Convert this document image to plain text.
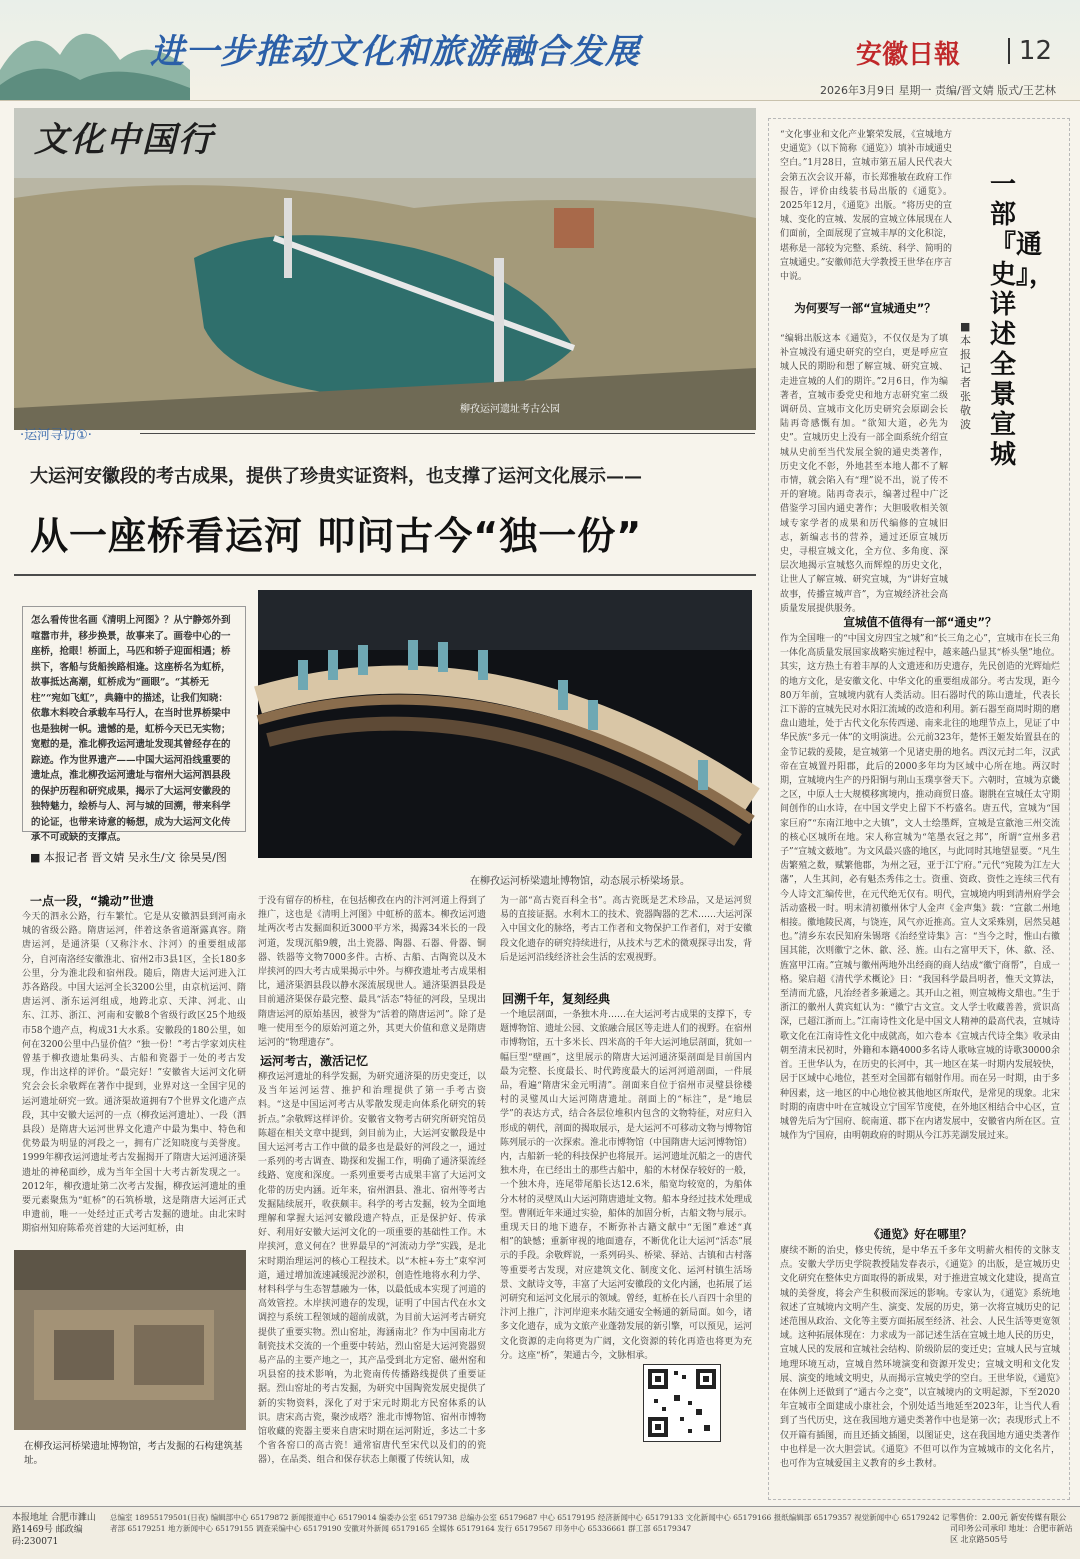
进一步推动文化和旅游融合发展	安徽日報 12
2026年3月9日 星期一 责编/晋文婧 版式/王艺林
文化中国行
柳孜运河遗址考古公园
·运河寻访①·
大运河安徽段的考古成果，提供了珍贵实证资料，也支撑了运河文化展示——
从一座桥看运河 叩问古今“独一份”
怎么看传世名画《清明上河图》？从宁静郊外到喧嚣市井，移步换景，故事来了。画卷中心的一座桥，抢眼！桥面上，马匹和轿子迎面相遇；桥拱下，客船与货船挨路相逢。这座桥名为虹桥，故事抵达高潮，虹桥成为“画眼”。“其桥无柱”“宛如飞虹”，典籍中的描述，让我们知晓：依靠木料咬合承载车马行人，在当时世界桥梁中也是独树一帜。遗憾的是，虹桥今天已无实物；宽慰的是，淮北柳孜运河遗址发现其曾经存在的踪迹。作为世界遗产——中国大运河沿线重要的遗址点，淮北柳孜运河遗址与宿州大运河泗县段的保护历程和研究成果，揭示了大运河安徽段的独特魅力，绘桥与人、河与城的回溯，带来科学的论证，也带来诗意的畅想，成为大运河文化传承不可或缺的支撑点。
在柳孜运河桥梁遗址博物馆，动态展示桥梁场景。
■ 本报记者 晋文婧 吴永生/文 徐昊昊/图
一点一段，“撬动”世遗
今天的泗永公路，行车繁忙。它是从安徽泗县到河南永城的省级公路。隋唐运河，伴着这条省道渐露真容。隋唐运河，是通济渠（又称汴水、汴河）的重要组成部分，自河南洛经安徽淮北、宿州2市3县1区，全长180多公里，分为淮北段和宿州段。随后，隋唐大运河进入江苏各路段。中国大运河全长3200公里，由京杭运河、隋唐运河、浙东运河组成，地跨北京、天津、河北、山东、江苏、浙江、河南和安徽8个省级行政区25个地级市58个遗产点，构成31大水系。安徽段的180公里，如何在3200公里中凸显价值？“独一份！”考古学家刘庆柱曾基于柳孜遗址集码头、古船和瓷器于一处的考古发现，作出这样的评价。“最完好！”安徽省大运河文化研究会会长余敬辉在著作中提到，业界对这一全国宇见的运河遗址研究一致。通济渠故道拥有7个世界文化遗产点段，其中安徽大运河的一点（柳孜运河遗址）、一段（泗县段）是隋唐大运河世界文化遗产中最为集中、特色和优势最为明显的河段之一，拥有广泛知晓度与美誉度。1999年柳孜运河遗址考古发掘揭开了隋唐大运河通济渠遗址的神秘面纱，成为当年全国十大考古新发现之一。2012年，柳孜遗址第二次考古发掘，柳孜运河遗址的重要元素聚焦为“虹桥”的石筑桥墩，这是隋唐大运河正式申遗前，唯一一处经过正式考古发掘的遗址。由北宋时期宿州知府陈希亮首建的大运河虹桥，由
在柳孜运河桥梁遗址博物馆，考古发掘的石构建筑基址。
于没有留存的桥柱，在包括柳孜在内的汴河河道上得到了推广，这也是《清明上河图》中虹桥的蓝本。柳孜运河遗址两次考古发掘面积近3000平方米，揭露34米长的一段河道，发现沉船9艘，出土瓷器、陶器、石器、骨器、铜器、铁器等文物7000多件。古桥、古船、古陶瓷以及木岸挟河的四大考古成果揭示中外。与柳孜遗址考古成果相比，通济渠泗县段以静水深流展现世人。通济渠泗县段是目前通济渠保存最完整、最具“活态”特征的河段，呈现出隋唐运河的原始基因，被誉为“活着的隋唐运河”。除了是唯一使用至今的原始河道之外，其更大价值和意义是隋唐运河的“物理遗存”。
运河考古，激活记忆
柳孜运河遗址的科学发掘，为研究通济渠的历史变迁，以及当年运河运营、推护和治理提供了第一手考古资料。“这是中国运河考古从零散发现走向体系化研究的转折点。”余敬辉这样评价。安徽省文物考古研究所研究馆员陈超在相关文章中提到，剑目前为止，大运河安徽段是中国大运河考古工作中做的最多也是最好的河段之一，通过一系列的考古调查、勘探和发掘工作，明确了通济渠流经线路、宽度和深度。一系列重要考古成果丰富了大运河文化带的历史内涵。近年来，宿州泗县、淮北、宿州等考古发掘陆续展开，收获颇丰。科学的考古发掘，较为全面地理解和掌握大运河安徽段遗产特点，正是保护好、传承好、利用好安徽大运河文化的一项重要的基础性工作。木岸挟河，意义何在？世界最早的“河流动力学”实践，是北宋时期治理运河的核心工程技术。以“木桩+夯土”束窄河道，通过增加流速减缓泥沙淤积，创造性地将水利力学、材料科学与生态智慧融为一体，以最低成本实现了河道的高效管控。木岸挟河遗存的发现，证明了中国古代在水文调控与系统工程领域的超前成就，为目前大运河考古研究提供了重要实物。烈山窑址，海涵南北？作为中国南北方制瓷技术交流的一个重要中转站，烈山窑是大运河瓷器贸易产品的主要产地之一，其产品受到北方定窑、磁州窑和巩县窑的技术影响，为北瓷南传传播路线提供了重要证据。烈山窑址的考古发掘，为研究中国陶瓷发展史提供了新的实物资料，深化了对于宋元时期北方民窑体系的认识。唐宋高古瓷，聚沙成塔？淮北市博物馆、宿州市博物馆收藏的瓷器主要来自唐宋时期在运河附近，多达二十多个省各窑口的高古瓷！通常宿唐代至宋代以及们的的瓷器），在品类、组合和保存状态上颠覆了传统认知，成
为一部“高古瓷百科全书”。高古瓷既是艺术珍品，又是运河贸易的直接证据。水利木工的技术、瓷器陶器的艺术……大运河深入中国文化的脉络，考古工作者和文物保护工作者们，对于安徽段文化遗存的研究持续进行，从技术与艺术的微观探寻出发，背后是运河沿线经济社会生活的宏观视野。
回溯千年，复刻经典
一个地层剖面，一条独木舟……在大运河考古成果的支撑下，专题博物馆、遗址公园、文旅融合展区等走进人们的视野。在宿州市博物馆，五十多米长、四米高的千年大运河地层剖面，犹如一幅巨型“壁画”，这里展示的隋唐大运河通济渠剖面是目前国内最为完整、长度最长、时代跨度最大的运河河道剖面，一件展品，看遍“隋唐宋金元明清”。剖面来自位于宿州市灵璧县徐楼村的灵璧凤山大运河隋唐遗址。剖面上的“标注”，是“地层学”的表达方式，结合各层位堆积内包含的文物特征，对应归入形成的朝代，剖面的揭取展示，是大运河不可移动文物与博物馆陈列展示的一次探索。淮北市博物馆（中国隋唐大运河博物馆）内，古船新一轮的科技保护也将展开。运河遗址沉船之一的唐代独木舟，在已经出土的那些古船中，船的木材保存较好的一般，一个独木舟，连尾带尾船长达12.6米，船宽均较宽的，为船体分木材的灵壁凤山大运河隋唐遗址文物。船本身经过技术处理成型。曹刚近年来通过实验，船体的加固分析，古船文物与展示。重现天日的地下遗存，不断弥补古籍文献中“无图”难述“真相”的缺憾；重新审视的地面遗存，不断优化让大运河“活态”展示的手段。余敬辉说，一系列码头、桥梁、驿站、古镇和古村落等重要考古发现，对应建筑文化、制度文化、运河村镇生活场景、文献诗文等，丰富了大运河安徽段的文化内涵，也拓展了运河研究和运河文化展示的领域。曾经，虹桥在长八百四十余里的汴河上推广，汴河岸迎来水陆交通安全畅通的新局面。如今，诸多文化遗存，成为文旅产业蓬勃发展的新引擎，可以预见，运河文化资源的走向将更为广阔，文化资源的转化再造也将更为充分。这座“桥”，架通古今，文脉相承。
“文化事业和文化产业繁荣发展，《宣城地方史通览》（以下简称《通览》）填补市域通史空白。”1月28日，宣城市第五届人民代表大会第五次会议开幕，市长郑雅敏在政府工作报告，评价由线装书局出版的《通览》。2025年12月，《通览》出版。“将历史的宣城、变化的宣城、发展的宣城立体展现在人们面前，全面展现了宣城丰厚的文化积淀，堪称是一部较为完整、系统、科学、简明的宣城通史。”安徽师范大学教授王世华在序言中说。
一部『通史』，详述全景宣城
■本报记者 张敬波
为何要写一部“宣城通史”？
“编辑出版这本《通览》，不仅仅是为了填补宣城没有通史研究的空白，更是呼应宣城人民的期盼和想了解宣城、研究宣城、走进宣城的人们的期许。”2月6日，作为编著者，宣城市委党史和地方志研究室二级调研员、宣城市文化历史研究会原副会长陆再奇感慨有加。“欲知大道，必先为史”。宣城历史上没有一部全面系统介绍宣城从史前至当代发展全貌的通史类著作，历史文化不彰，外地甚至本地人都不了解市情，就会陷入有“理”说不出，说了传不开的窘境。陆再奇表示，编著过程中广泛借鉴学习国内通史著作；大胆吸收相关领域专家学者的成果和历代编修的宣城旧志，新编志书的营养，通过还原宣城历史，寻根宣城文化，全方位、多角度、深层次地揭示宣城悠久而辉煌的历史文化，让世人了解宣城、研究宣城，为“讲好宣城故事，传播宣城声音”，为宣城经济社会高质量发展提供服务。
宣城值不值得有一部“通史”？
作为全国唯一的“中国文房四宝之城”和“长三角之心”，宣城市在长三角一体化高质量发展国家战略实施过程中，越来越凸显其“桥头堡”地位。其实，这方热土有着丰厚的人文遗迹和历史遗存，先民创造的光辉灿烂的地方文化，是安徽文化、中华文化的重要组成部分。考古发现，距今80万年前，宣城境内就有人类活动。旧石器时代的陈山遗址，代表长江下游的宣城先民对水阳江流域的改造和利用。新石器至商周时期的磨盘山遗址，处于古代文化东传西递、南来北往的地理节点上，见证了中华民族“多元一体”的文明演进。公元前323年，楚怀王姬发始置县在的金节记载的爰陵，是宣城第一个见诸史册的地名。西汉元封二年，汉武帝在宣城置丹阳郡，此后的2000多年均为区域中心所在地。两汉时期，宣城境内生产的丹阳铜与荆山玉璞享誉天下。六朝时，宣城为京畿之区，中原人士大规模移寓境内，推动商贸日盛。谢朓在宣城任太守期间创作的山水诗，在中国文学史上留下不朽盛名。唐五代，宣城为“国家巨府”“东南江地中之大镇”，文人士绘墨辉，宣城是宣歙池三州交流的核心区城所在地。宋人称宣城为“笔墨衣冠之邦”，所谓“宣州多君子”“宣城文薮地”。为文风最兴盛的地区，与此同时其地望显要。“凡生齿繁殖之数，赋繁他郡，为州之冠，亚于江宁府。”元代“宛陵为江左大藩”，人生其间，必有魁杰秀伟之士。资重、资政、资性之连续三代有今人诗文汇编传世，在元代绝无仅有。明代，宣城境内明到清州府学会活动盛极一时。明末清初徽州休宁人金声《金声集》载：“宣歙二州地相接。徽地陵民离，与饶连，风气亦近推高。宣人文采殊别，居然吴越也。”清乡东农民知府朱锡瑢《治经堂诗集》言：“当今之时，惟山右徽国其能，次则徽宁之休、歙、泾、旌。山右之富甲天下，休、歙、泾、旌富甲江南。”宣城与徽州两地外出经商的商人结成“徽宁商帮”，自成一格。梁启超《清代学术概论》日：“我国科学最昌明者，惟天文算法，至清而尤盛，凡治经者多兼通之。其开山之祖，则宣城梅文鼎也。”生于浙江的徽州人黄宾虹认为：“徽宁古文宣。文人学士收藏善善，赏识高深，已超江浙而上。”江南诗性文化是中国文人精神的最高代表，宣城诗歌文化在江南诗性文化中成就高，如六卷本《宣城古代诗全集》收录由朝至清末民初时，外籍和本籍4000多名诗人歌咏宣城的诗歌30000余首。王世华认为，在历史的长河中，其一地区在某一时期内发展较快，居于区域中心地位，甚至对全国都有辐射作用。而在另一时期，由于多种因素，这一地区的中心地位被其他地区所取代，是常见的现象。北宋时期的南唐中叶在宣城设立宁国军节度使，在外地区相结合中心区，宣城曾先后为宁国府、皖南道、郡下在内诸发展中，安徽省内所在区。宣城作为宁国府，由明朝政府的时期从今江苏芜湖发展过来。
《通览》好在哪里？
赓续不断的治史，修史传统，是中华五千多年文明薪火相传的文脉支点。安徽大学历史学院教授陆发春表示，《通览》的出版，是宣城历史文化研究在整体史方面取得的新成果，对于推进宣城文化建设，提高宣城的美誉度，将会产生积极而深远的影响。专家认为，《通览》系统地叙述了宣城境内文明产生、演变、发展的历史，第一次将宣城历史的记述范围从政治、文化等主要方面拓展至经济、社会、人民生活等更宽领域。这种拓展体现在：力求成为一部记述生活在宣城土地人民的历史，宣城人民的发展和宣城社会结构、阶级阶层的变迁史；宣城人民与宣城地理环境互动，宣城自然环境演变和资源开发史；宣城文明和文化发展、演变的地域文明史，从而揭示宣城史学的空白。王世华说，《通览》在体例上还做到了“通古今之变”，以宣城境内的文明起源，下至2020年宣城市全面建成小康社会，个别处适当地延至2023年，让当代人看到了当代历史，这在我国地方通史类著作中也是第一次；表现形式上不仅开篇有插图，而且还插文插图，以图证史，这在我国地方通史类著作中也样是一次大胆尝试。《通览》不但可以作为宣城城市的文化名片，也可作为宣城爱国主义教育的乡土教材。
本报地址 合肥市濉山路1469号 邮政编码:230071
总编室 18955179501(日夜) 编辑部中心 65179872 新闻报道中心 65179014 编委办公室 65179738 总编办公室 65179687 中心 65179195 经济新闻中心 65179133 文化新闻中心 65179166 报纸编辑部 65179357 视觉新闻中心 65179242 记者部 65179251 地方新闻中心 65179155 调查采编中心 65179190 安徽对外新闻 65179165 全媒体 65179164 发行 65179567 印务中心 65336661 群工部 65179347
零售价：2.00元 新安传媒有限公司印务公司承印 地址：合肥市新站区 北京路505号
